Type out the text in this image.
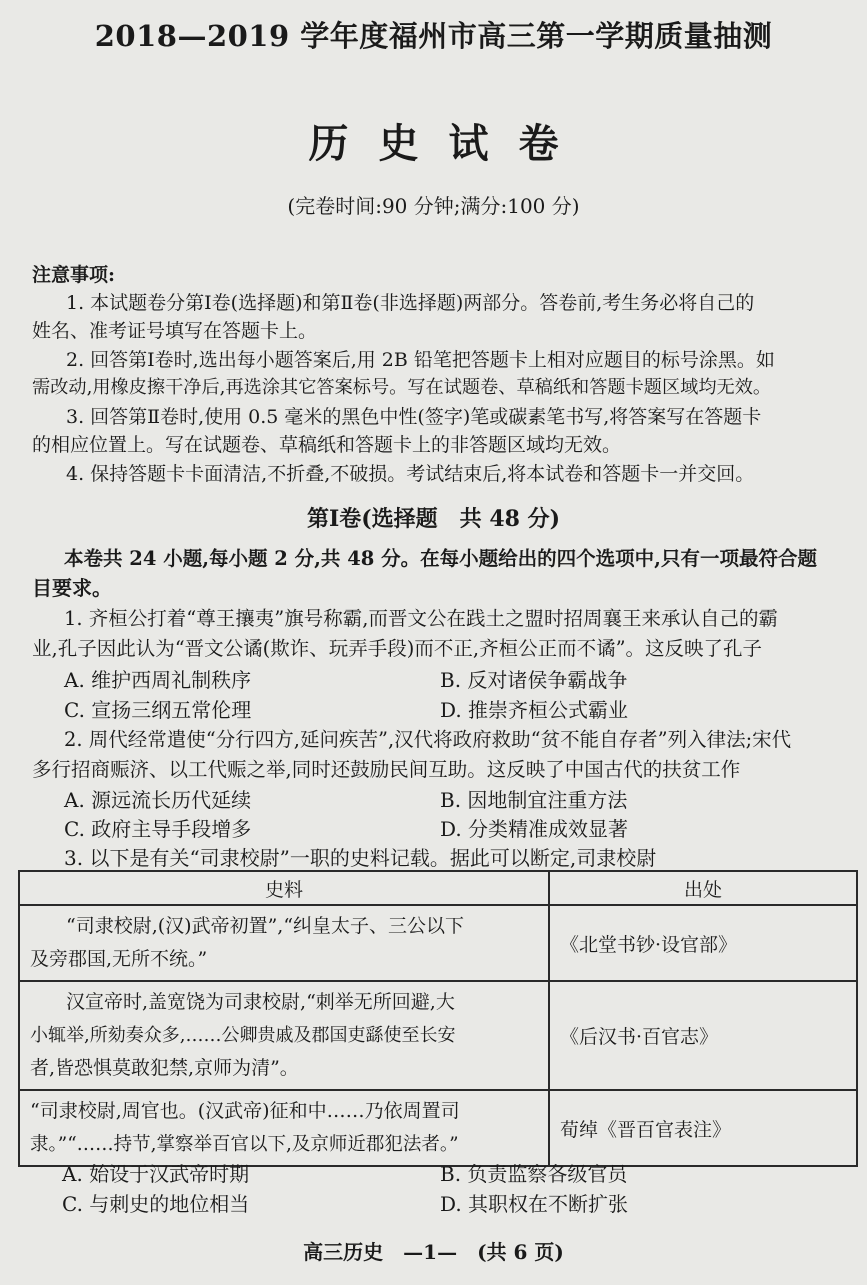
2018—2019 学年度福州市高三第一学期质量抽测
历史试卷
(完卷时间:90 分钟;满分:100 分)
注意事项:
1. 本试题卷分第Ⅰ卷(选择题)和第Ⅱ卷(非选择题)两部分。答卷前,考生务必将自己的
姓名、准考证号填写在答题卡上。
2. 回答第Ⅰ卷时,选出每小题答案后,用 2B 铅笔把答题卡上相对应题目的标号涂黑。如
需改动,用橡皮擦干净后,再选涂其它答案标号。写在试题卷、草稿纸和答题卡题区域均无效。
3. 回答第Ⅱ卷时,使用 0.5 毫米的黑色中性(签字)笔或碳素笔书写,将答案写在答题卡
的相应位置上。写在试题卷、草稿纸和答题卡上的非答题区域均无效。
4. 保持答题卡卡面清洁,不折叠,不破损。考试结束后,将本试卷和答题卡一并交回。
第Ⅰ卷(选择题　共 48 分)
本卷共 24 小题,每小题 2 分,共 48 分。在每小题给出的四个选项中,只有一项最符合题
目要求。
1. 齐桓公打着“尊王攘夷”旗号称霸,而晋文公在践土之盟时招周襄王来承认自己的霸
业,孔子因此认为“晋文公谲(欺诈、玩弄手段)而不正,齐桓公正而不谲”。这反映了孔子
A. 维护西周礼制秩序	B. 反对诸侯争霸战争
C. 宣扬三纲五常伦理	D. 推崇齐桓公式霸业
2. 周代经常遣使“分行四方,延问疾苦”,汉代将政府救助“贫不能自存者”列入律法;宋代
多行招商赈济、以工代赈之举,同时还鼓励民间互助。这反映了中国古代的扶贫工作
A. 源远流长历代延续	B. 因地制宜注重方法
C. 政府主导手段增多	D. 分类精准成效显著
3. 以下是有关“司隶校尉”一职的史料记载。据此可以断定,司隶校尉
史料	出处

“司隶校尉,(汉)武帝初置”,“纠皇太子、三公以下
及旁郡国,无所不统。”	《北堂书钞·设官部》

汉宣帝时,盖宽饶为司隶校尉,“刺举无所回避,大
小辄举,所劾奏众多,……公卿贵戚及郡国吏繇使至长安
者,皆恐惧莫敢犯禁,京师为清”。	《后汉书·百官志》

“司隶校尉,周官也。(汉武帝)征和中……乃依周置司
隶。”“……持节,掌察举百官以下,及京师近郡犯法者。”	荀绰《晋百官表注》
A. 始设于汉武帝时期	B. 负责监察各级官员
C. 与刺史的地位相当	D. 其职权在不断扩张
高三历史　—1—　(共 6 页)
